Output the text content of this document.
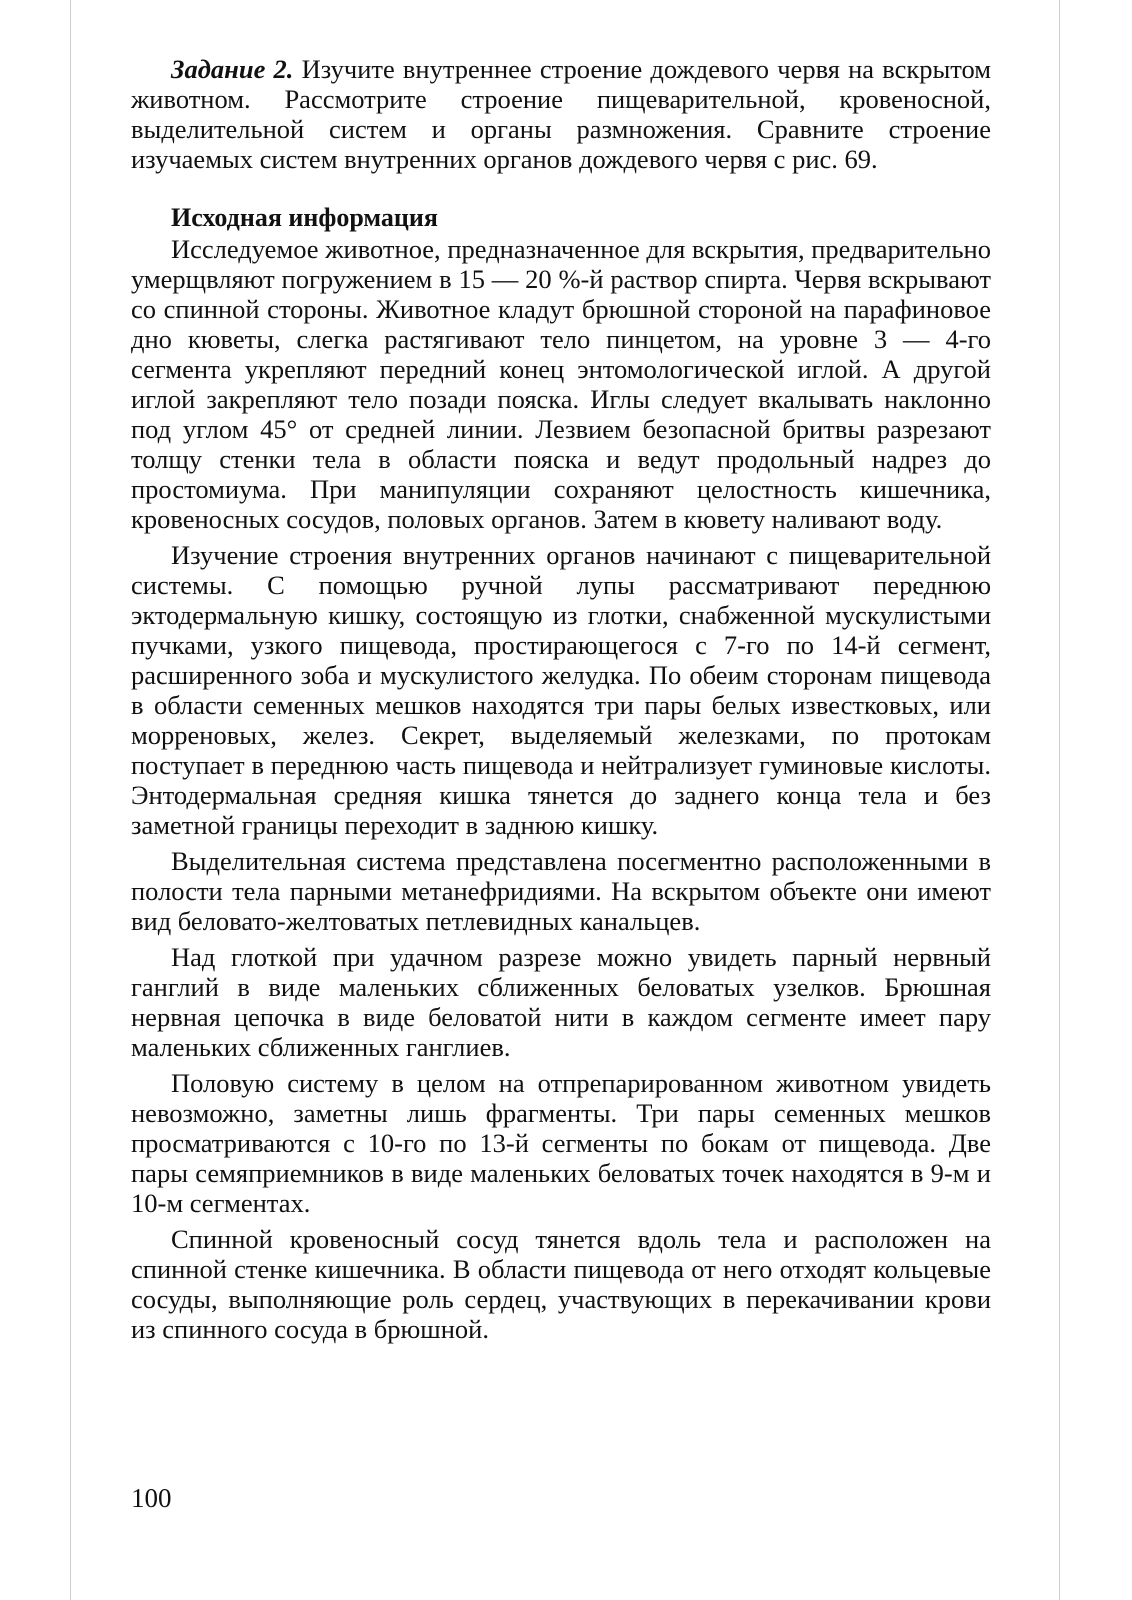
Задание 2. Изучите внутреннее строение дождевого червя на вскрытом животном. Рассмотрите строение пищеварительной, кровеносной, выделительной систем и органы размножения. Сравните строение изучаемых систем внутренних органов дождевого червя с рис. 69.

Исходная информация

Исследуемое животное, предназначенное для вскрытия, предварительно умерщвляют погружением в 15 — 20 %-й раствор спирта. Червя вскрывают со спинной стороны. Животное кладут брюшной стороной на парафиновое дно кюветы, слегка растягивают тело пинцетом, на уровне 3 — 4-го сегмента укрепляют передний конец энтомологической иглой. А другой иглой закрепляют тело позади пояска. Иглы следует вкалывать наклонно под углом 45° от средней линии. Лезвием безопасной бритвы разрезают толщу стенки тела в области пояска и ведут продольный надрез до простомиума. При манипуляции сохраняют целостность кишечника, кровеносных сосудов, половых органов. Затем в кювету наливают воду.

Изучение строения внутренних органов начинают с пищеварительной системы. С помощью ручной лупы рассматривают переднюю эктодермальную кишку, состоящую из глотки, снабженной мускулистыми пучками, узкого пищевода, простирающегося с 7-го по 14-й сегмент, расширенного зоба и мускулистого желудка. По обеим сторонам пищевода в области семенных мешков находятся три пары белых известковых, или морреновых, желез. Секрет, выделяемый железками, по протокам поступает в переднюю часть пищевода и нейтрализует гуминовые кислоты. Энтодермальная средняя кишка тянется до заднего конца тела и без заметной границы переходит в заднюю кишку.

Выделительная система представлена посегментно расположенными в полости тела парными метанефридиями. На вскрытом объекте они имеют вид беловато-желтоватых петлевидных канальцев.

Над глоткой при удачном разрезе можно увидеть парный нервный ганглий в виде маленьких сближенных беловатых узелков. Брюшная нервная цепочка в виде беловатой нити в каждом сегменте имеет пару маленьких сближенных ганглиев.

Половую систему в целом на отпрепарированном животном увидеть невозможно, заметны лишь фрагменты. Три пары семенных мешков просматриваются с 10-го по 13-й сегменты по бокам от пищевода. Две пары семяприемников в виде маленьких беловатых точек находятся в 9-м и 10-м сегментах.

Спинной кровеносный сосуд тянется вдоль тела и расположен на спинной стенке кишечника. В области пищевода от него отходят кольцевые сосуды, выполняющие роль сердец, участвующих в перекачивании крови из спинного сосуда в брюшной.

100
